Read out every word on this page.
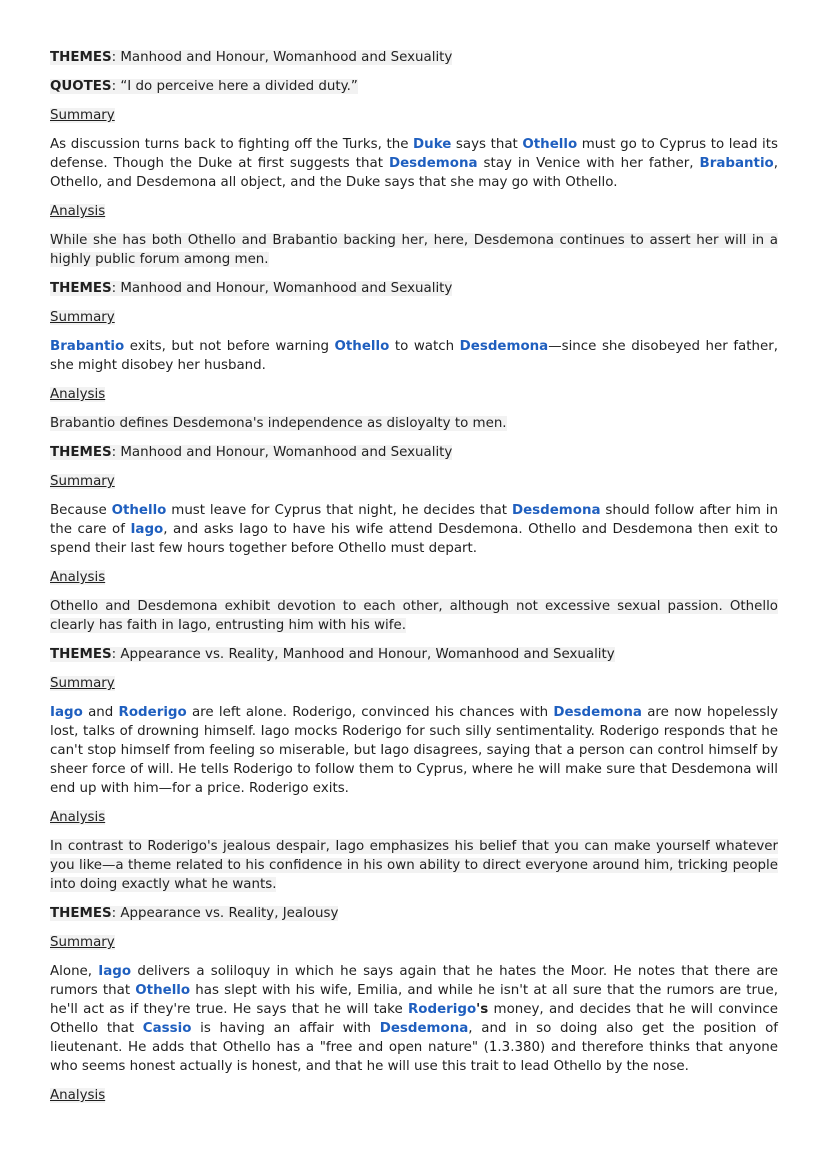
THEMES: Manhood and Honour, Womanhood and Sexuality
QUOTES: “I do perceive here a divided duty.”
Summary
As discussion turns back to fighting off the Turks, the Duke says that Othello must go to Cyprus to lead its defense. Though the Duke at first suggests that Desdemona stay in Venice with her father, Brabantio, Othello, and Desdemona all object, and the Duke says that she may go with Othello.
Analysis
While she has both Othello and Brabantio backing her, here, Desdemona continues to assert her will in a highly public forum among men.
THEMES: Manhood and Honour, Womanhood and Sexuality
Summary
Brabantio exits, but not before warning Othello to watch Desdemona—since she disobeyed her father, she might disobey her husband.
Analysis
Brabantio defines Desdemona's independence as disloyalty to men.
THEMES: Manhood and Honour, Womanhood and Sexuality
Summary
Because Othello must leave for Cyprus that night, he decides that Desdemona should follow after him in the care of Iago, and asks Iago to have his wife attend Desdemona. Othello and Desdemona then exit to spend their last few hours together before Othello must depart.
Analysis
Othello and Desdemona exhibit devotion to each other, although not excessive sexual passion. Othello clearly has faith in Iago, entrusting him with his wife.
THEMES: Appearance vs. Reality, Manhood and Honour, Womanhood and Sexuality
Summary
Iago and Roderigo are left alone. Roderigo, convinced his chances with Desdemona are now hopelessly lost, talks of drowning himself. Iago mocks Roderigo for such silly sentimentality. Roderigo responds that he can't stop himself from feeling so miserable, but Iago disagrees, saying that a person can control himself by sheer force of will. He tells Roderigo to follow them to Cyprus, where he will make sure that Desdemona will end up with him—for a price. Roderigo exits.
Analysis
In contrast to Roderigo's jealous despair, Iago emphasizes his belief that you can make yourself whatever you like—a theme related to his confidence in his own ability to direct everyone around him, tricking people into doing exactly what he wants.
THEMES: Appearance vs. Reality, Jealousy
Summary
Alone, Iago delivers a soliloquy in which he says again that he hates the Moor. He notes that there are rumors that Othello has slept with his wife, Emilia, and while he isn't at all sure that the rumors are true, he'll act as if they're true. He says that he will take Roderigo's money, and decides that he will convince Othello that Cassio is having an affair with Desdemona, and in so doing also get the position of lieutenant. He adds that Othello has a "free and open nature" (1.3.380) and therefore thinks that anyone who seems honest actually is honest, and that he will use this trait to lead Othello by the nose.
Analysis
